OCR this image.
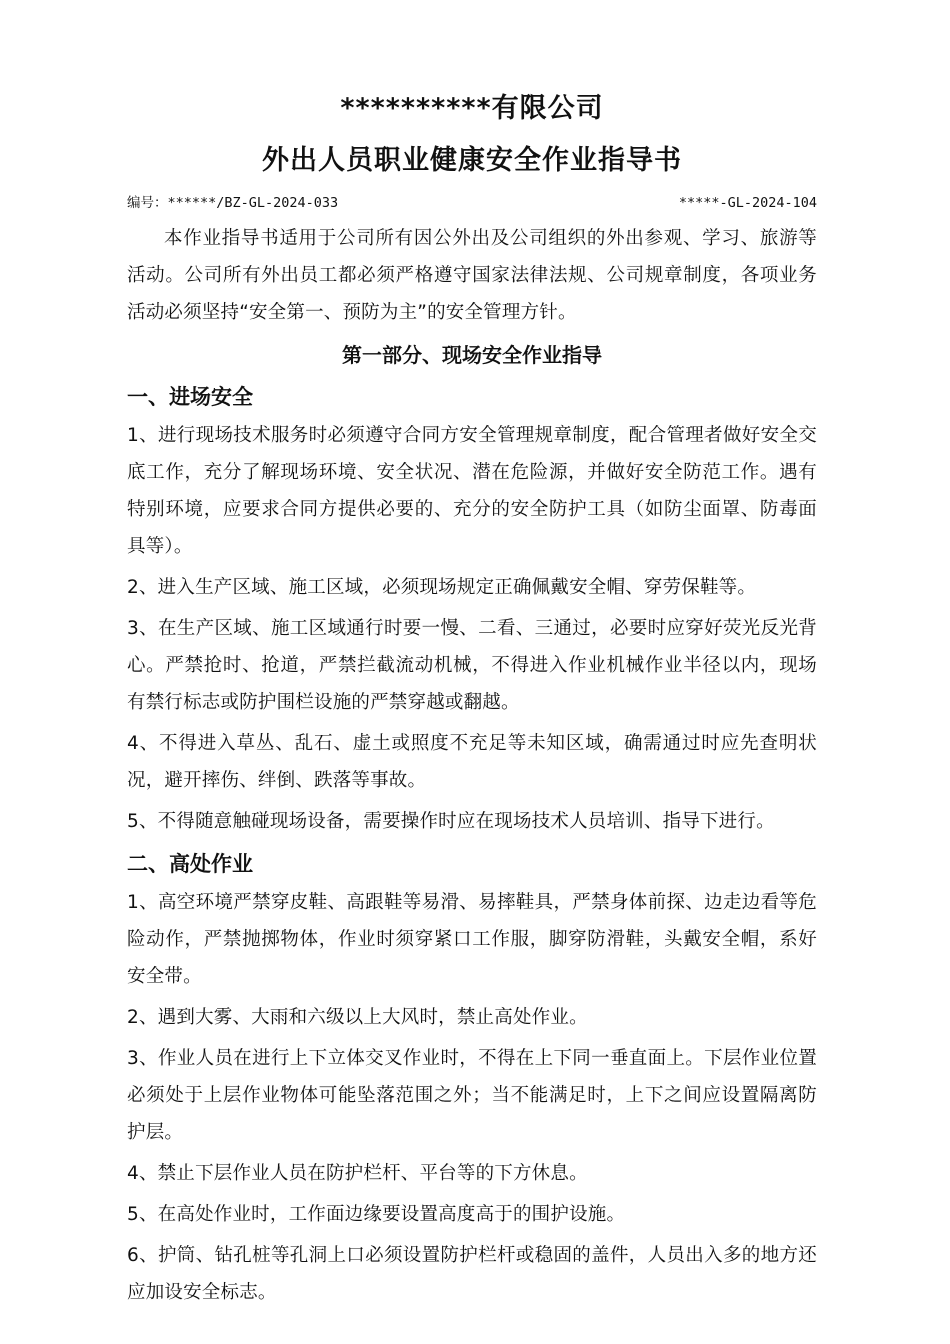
**********有限公司
外出人员职业健康安全作业指导书
编号：******/BZ-GL-2024-033	*****-GL-2024-104

本作业指导书适用于公司所有因公外出及公司组织的外出参观、学习、旅游等活动。公司所有外出员工都必须严格遵守国家法律法规、公司规章制度，各项业务活动必须坚持“安全第一、预防为主”的安全管理方针。

第一部分、现场安全作业指导
一、进场安全

1、进行现场技术服务时必须遵守合同方安全管理规章制度，配合管理者做好安全交底工作，充分了解现场环境、安全状况、潜在危险源，并做好安全防范工作。遇有特别环境，应要求合同方提供必要的、充分的安全防护工具（如防尘面罩、防毒面具等）。

2、进入生产区域、施工区域，必须现场规定正确佩戴安全帽、穿劳保鞋等。

3、在生产区域、施工区域通行时要一慢、二看、三通过，必要时应穿好荧光反光背心。严禁抢时、抢道，严禁拦截流动机械，不得进入作业机械作业半径以内，现场有禁行标志或防护围栏设施的严禁穿越或翻越。

4、不得进入草丛、乱石、虚土或照度不充足等未知区域，确需通过时应先查明状况，避开摔伤、绊倒、跌落等事故。

5、不得随意触碰现场设备，需要操作时应在现场技术人员培训、指导下进行。

二、高处作业

1、高空环境严禁穿皮鞋、高跟鞋等易滑、易摔鞋具，严禁身体前探、边走边看等危险动作，严禁抛掷物体，作业时须穿紧口工作服，脚穿防滑鞋，头戴安全帽，系好安全带。

2、遇到大雾、大雨和六级以上大风时，禁止高处作业。

3、作业人员在进行上下立体交叉作业时，不得在上下同一垂直面上。下层作业位置必须处于上层作业物体可能坠落范围之外；当不能满足时，上下之间应设置隔离防护层。

4、禁止下层作业人员在防护栏杆、平台等的下方休息。

5、在高处作业时，工作面边缘要设置高度高于的围护设施。

6、护筒、钻孔桩等孔洞上口必须设置防护栏杆或稳固的盖件，人员出入多的地方还应加设安全标志。
